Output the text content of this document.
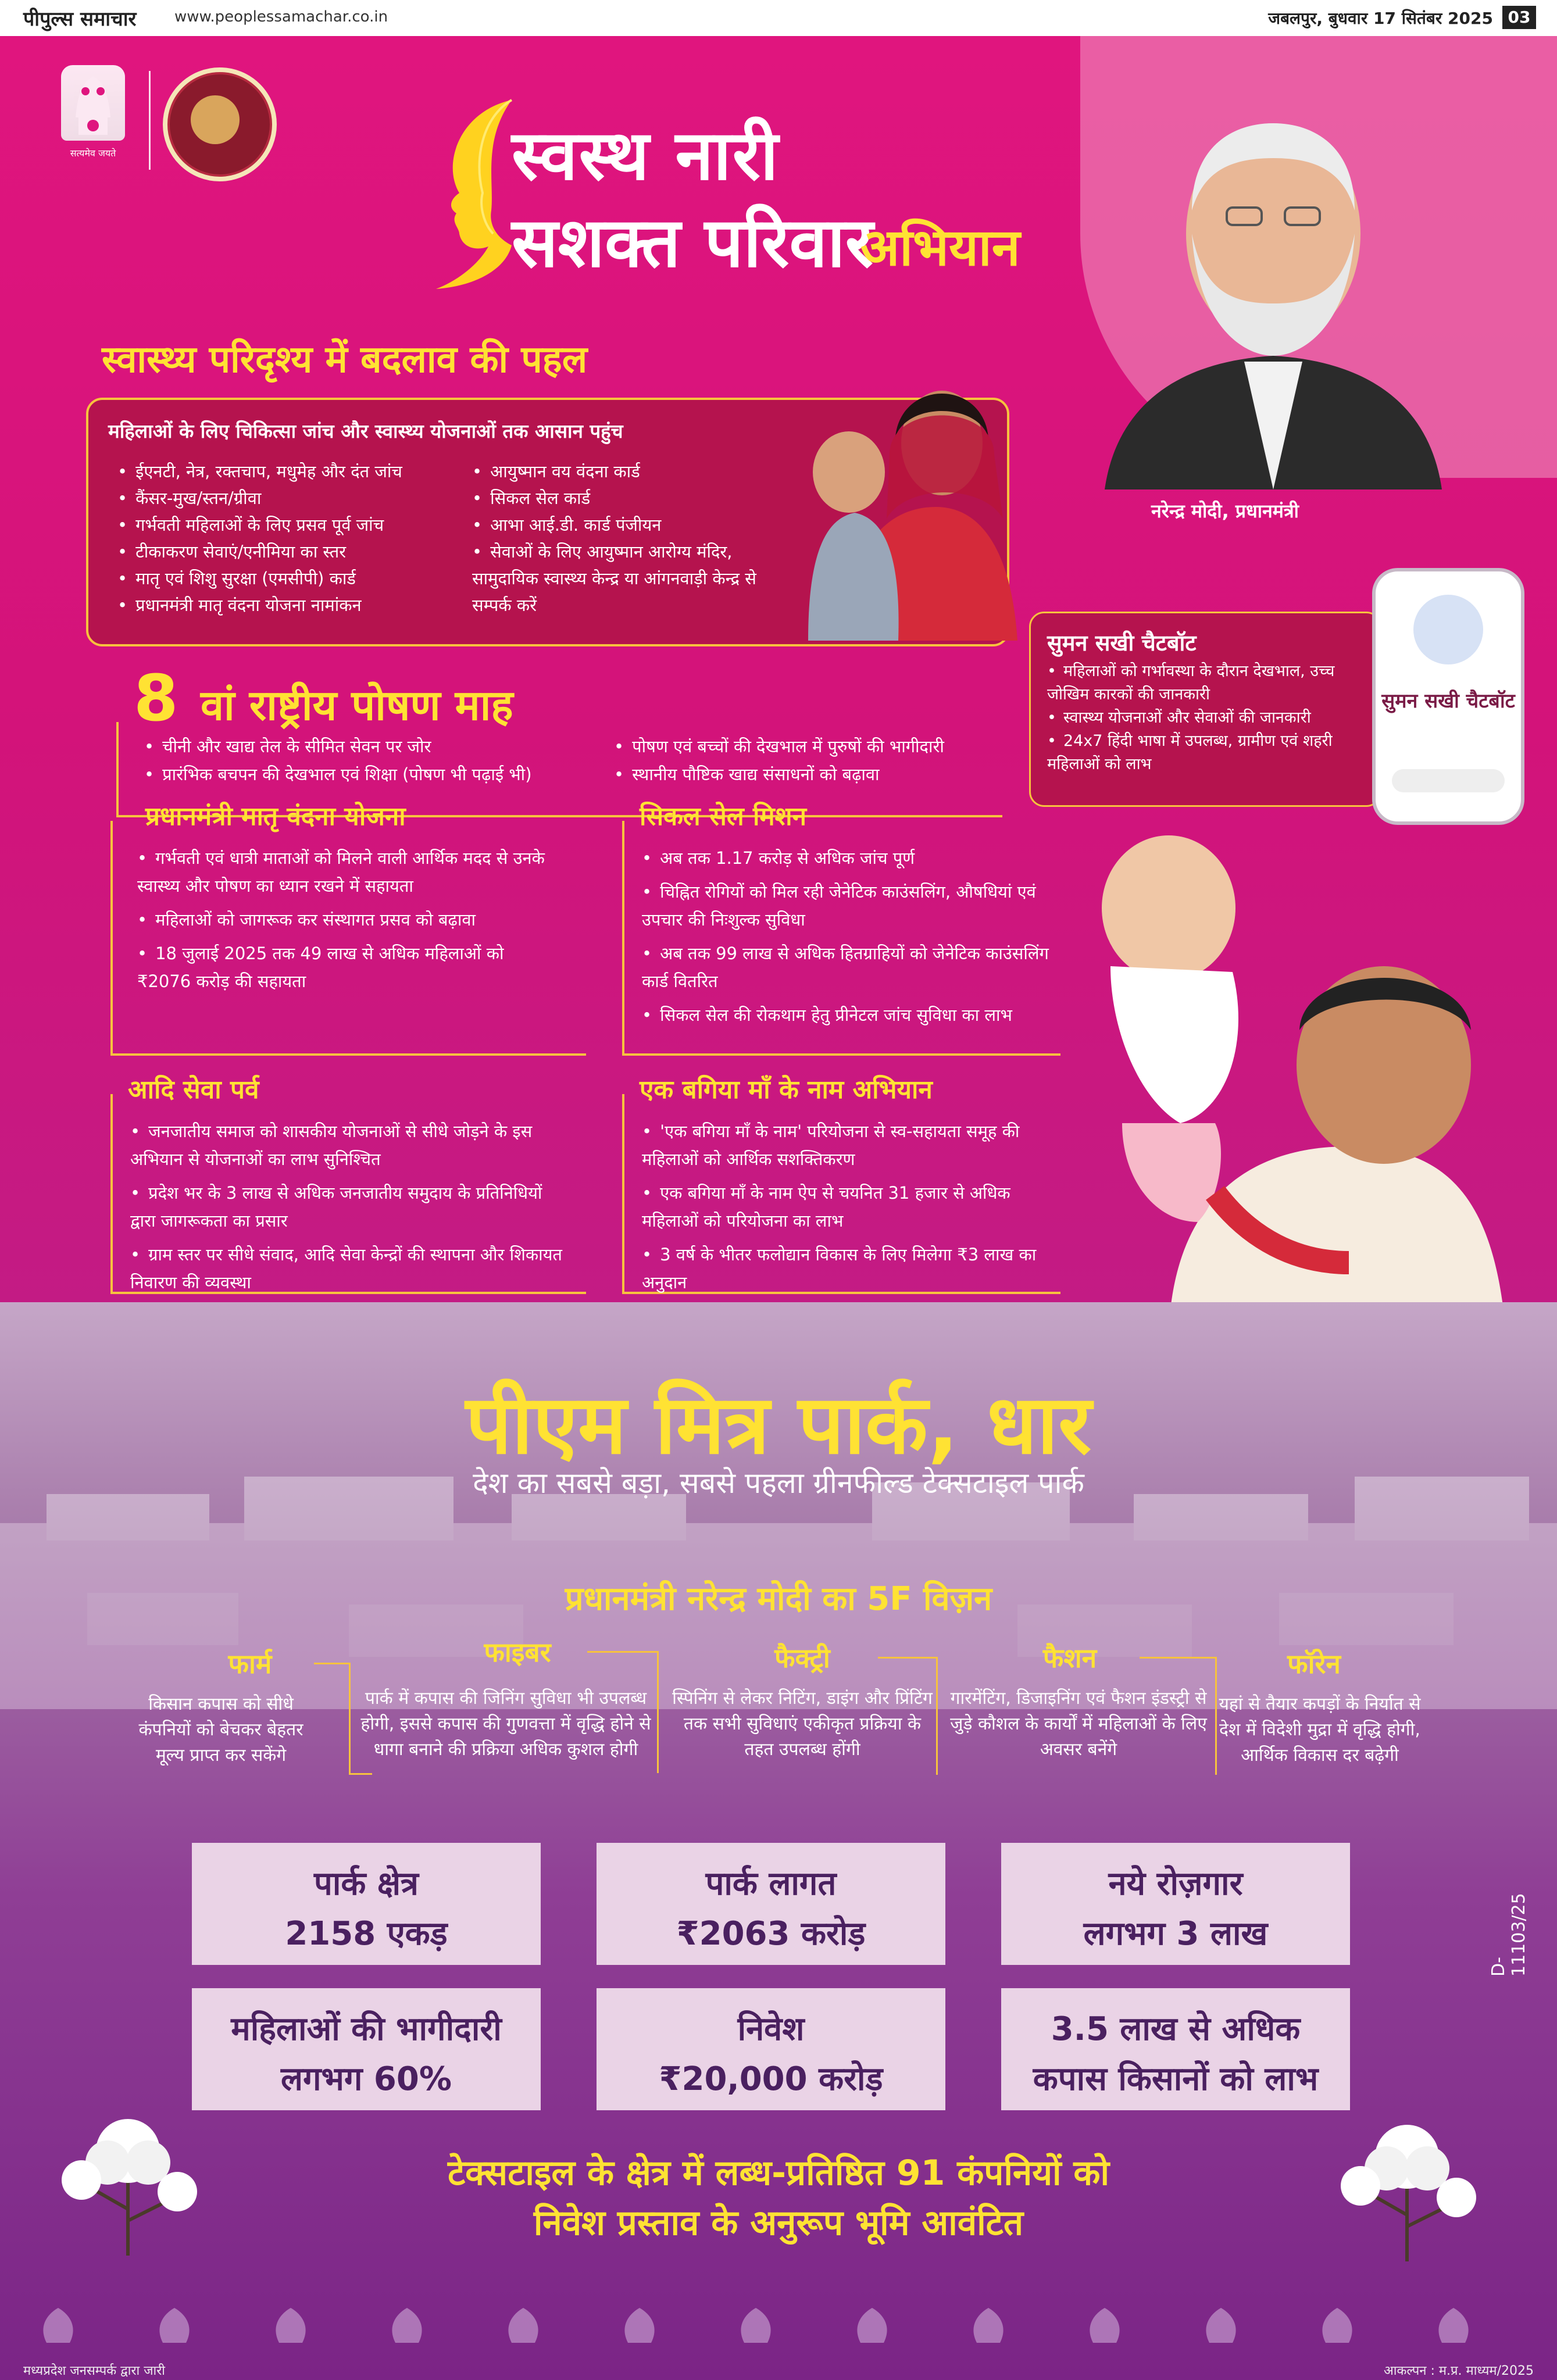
पीपुल्स समाचार	www.peoplessamachar.co.in	जबलपुर, बुधवार 17 सितंबर 2025 03
सत्यमेव जयते	स्वस्थ नारी
सशक्त परिवार
अभियान
नरेन्द्र मोदी, प्रधानमंत्री
स्वास्थ्य परिदृश्य में बदलाव की पहल
महिलाओं के लिए चिकित्सा जांच और स्वास्थ्य योजनाओं तक आसान पहुंच
• ईएनटी, नेत्र, रक्तचाप, मधुमेह और दंत जांच
• कैंसर-मुख/स्तन/ग्रीवा
• गर्भवती महिलाओं के लिए प्रसव पूर्व जांच
• टीकाकरण सेवाएं/एनीमिया का स्तर
• मातृ एवं शिशु सुरक्षा (एमसीपी) कार्ड
• प्रधानमंत्री मातृ वंदना योजना नामांकन
• आयुष्मान वय वंदना कार्ड
• सिकल सेल कार्ड
• आभा आई.डी. कार्ड पंजीयन
• सेवाओं के लिए आयुष्मान आरोग्य मंदिर, सामुदायिक स्वास्थ्य केन्द्र या आंगनवाड़ी केन्द्र से सम्पर्क करें
8 वां राष्ट्रीय पोषण माह
• चीनी और खाद्य तेल के सीमित सेवन पर जोर
• प्रारंभिक बचपन की देखभाल एवं शिक्षा (पोषण भी पढ़ाई भी)
• पोषण एवं बच्चों की देखभाल में पुरुषों की भागीदारी
• स्थानीय पौष्टिक खाद्य संसाधनों को बढ़ावा
सुमन सखी चैटबॉट
• महिलाओं को गर्भावस्था के दौरान देखभाल, उच्च जोखिम कारकों की जानकारी
• स्वास्थ्य योजनाओं और सेवाओं की जानकारी
• 24x7 हिंदी भाषा में उपलब्ध, ग्रामीण एवं शहरी महिलाओं को लाभ
सुमन सखी चैटबॉट
प्रधानमंत्री मातृ वंदना योजना
• गर्भवती एवं धात्री माताओं को मिलने वाली आर्थिक मदद से उनके स्वास्थ्य और पोषण का ध्यान रखने में सहायता
• महिलाओं को जागरूक कर संस्थागत प्रसव को बढ़ावा
• 18 जुलाई 2025 तक 49 लाख से अधिक महिलाओं को ₹2076 करोड़ की सहायता
सिकल सेल मिशन
• अब तक 1.17 करोड़ से अधिक जांच पूर्ण
• चिह्नित रोगियों को मिल रही जेनेटिक काउंसलिंग, औषधियां एवं उपचार की निःशुल्क सुविधा
• अब तक 99 लाख से अधिक हितग्राहियों को जेनेटिक काउंसलिंग कार्ड वितरित
• सिकल सेल की रोकथाम हेतु प्रीनेटल जांच सुविधा का लाभ
आदि सेवा पर्व
• जनजातीय समाज को शासकीय योजनाओं से सीधे जोड़ने के इस अभियान से योजनाओं का लाभ सुनिश्चित
• प्रदेश भर के 3 लाख से अधिक जनजातीय समुदाय के प्रतिनिधियों द्वारा जागरूकता का प्रसार
• ग्राम स्तर पर सीधे संवाद, आदि सेवा केन्द्रों की स्थापना और शिकायत निवारण की व्यवस्था
एक बगिया माँ के नाम अभियान
• 'एक बगिया माँ के नाम' परियोजना से स्व-सहायता समूह की महिलाओं को आर्थिक सशक्तिकरण
• एक बगिया माँ के नाम ऐप से चयनित 31 हजार से अधिक महिलाओं को परियोजना का लाभ
• 3 वर्ष के भीतर फलोद्यान विकास के लिए मिलेगा ₹3 लाख का अनुदान
पीएम मित्र पार्क, धार
देश का सबसे बड़ा, सबसे पहला ग्रीनफील्ड टेक्सटाइल पार्क
प्रधानमंत्री नरेन्द्र मोदी का 5F विज़न
फार्म	फाइबर	फैक्ट्री	फैशन	फॉरेन
किसान कपास को सीधे कंपनियों को बेचकर बेहतर मूल्य प्राप्त कर सकेंगे
पार्क में कपास की जिनिंग सुविधा भी उपलब्ध होगी, इससे कपास की गुणवत्ता में वृद्धि होने से धागा बनाने की प्रक्रिया अधिक कुशल होगी
स्पिनिंग से लेकर निटिंग, डाइंग और प्रिंटिंग तक सभी सुविधाएं एकीकृत प्रक्रिया के तहत उपलब्ध होंगी
गारमेंटिंग, डिजाइनिंग एवं फैशन इंडस्ट्री से जुड़े कौशल के कार्यों में महिलाओं के लिए अवसर बनेंगे
यहां से तैयार कपड़ों के निर्यात से देश में विदेशी मुद्रा में वृद्धि होगी, आर्थिक विकास दर बढ़ेगी
पार्क क्षेत्र
2158 एकड़
पार्क लागत
₹2063 करोड़
नये रोज़गार
लगभग 3 लाख
महिलाओं की भागीदारी
लगभग 60%
निवेश
₹20,000 करोड़
3.5 लाख से अधिक
कपास किसानों को लाभ
D-11103/25
टेक्सटाइल के क्षेत्र में लब्ध-प्रतिष्ठित 91 कंपनियों को
निवेश प्रस्ताव के अनुरूप भूमि आवंटित
मध्यप्रदेश जनसम्पर्क द्वारा जारी	आकल्पन : म.प्र. माध्यम/2025
